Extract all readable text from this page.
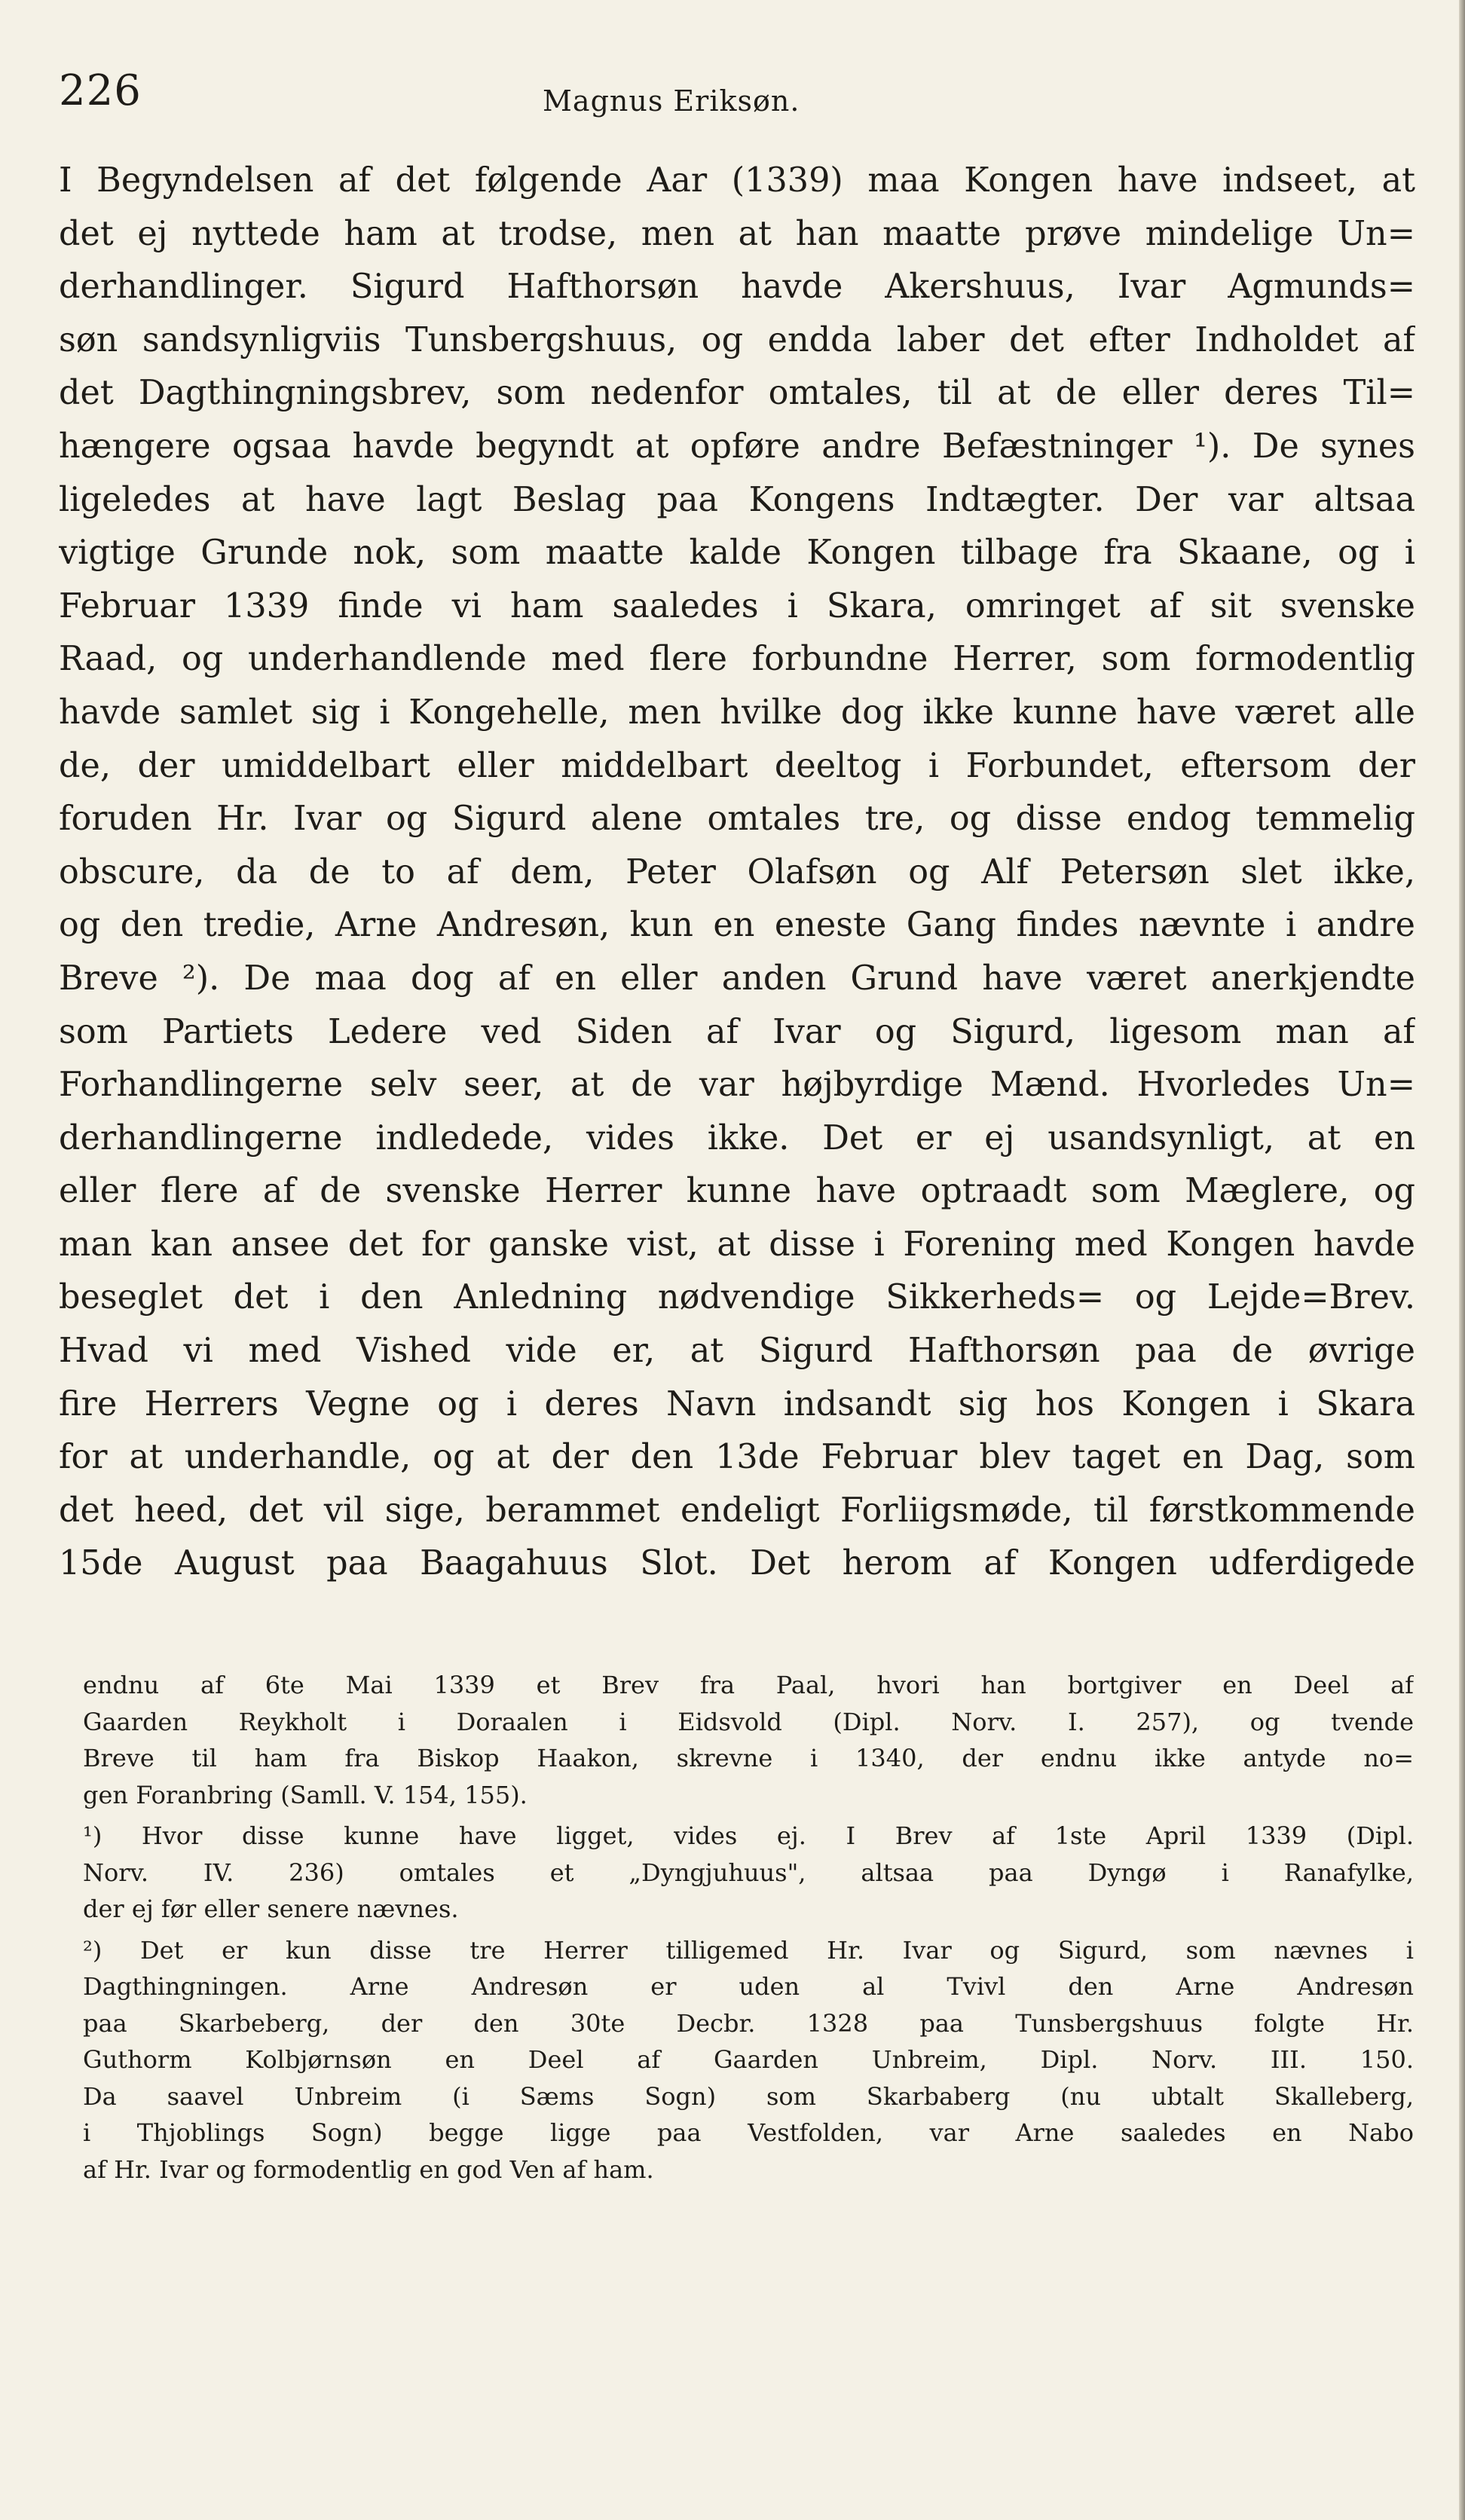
226	Magnus Eriksøn.
I Begyndelsen af det følgende Aar (1339) maa Kongen have indseet, at
det ej nyttede ham at trodse, men at han maatte prøve mindelige Un=
derhandlinger. Sigurd Hafthorsøn havde Akershuus, Ivar Agmunds=
søn sandsynligviis Tunsbergshuus, og endda laber det efter Indholdet af
det Dagthingningsbrev, som nedenfor omtales, til at de eller deres Til=
hængere ogsaa havde begyndt at opføre andre Befæstninger ¹). De synes
ligeledes at have lagt Beslag paa Kongens Indtægter. Der var altsaa
vigtige Grunde nok, som maatte kalde Kongen tilbage fra Skaane, og i
Februar 1339 finde vi ham saaledes i Skara, omringet af sit svenske
Raad, og underhandlende med flere forbundne Herrer, som formodentlig
havde samlet sig i Kongehelle, men hvilke dog ikke kunne have været alle
de, der umiddelbart eller middelbart deeltog i Forbundet, eftersom der
foruden Hr. Ivar og Sigurd alene omtales tre, og disse endog temmelig
obscure, da de to af dem, Peter Olafsøn og Alf Petersøn slet ikke,
og den tredie, Arne Andresøn, kun en eneste Gang findes nævnte i andre
Breve ²). De maa dog af en eller anden Grund have været anerkjendte
som Partiets Ledere ved Siden af Ivar og Sigurd, ligesom man af
Forhandlingerne selv seer, at de var højbyrdige Mænd. Hvorledes Un=
derhandlingerne indledede, vides ikke. Det er ej usandsynligt, at en
eller flere af de svenske Herrer kunne have optraadt som Mæglere, og
man kan ansee det for ganske vist, at disse i Forening med Kongen havde
beseglet det i den Anledning nødvendige Sikkerheds= og Lejde=Brev.
Hvad vi med Vished vide er, at Sigurd Hafthorsøn paa de øvrige
fire Herrers Vegne og i deres Navn indsandt sig hos Kongen i Skara
for at underhandle, og at der den 13de Februar blev taget en Dag, som
det heed, det vil sige, berammet endeligt Forliigsmøde, til førstkommende
15de August paa Baagahuus Slot. Det herom af Kongen udferdigede
endnu af 6te Mai 1339 et Brev fra Paal, hvori han bortgiver en Deel af
Gaarden Reykholt i Doraalen i Eidsvold (Dipl. Norv. I. 257), og tvende
Breve til ham fra Biskop Haakon, skrevne i 1340, der endnu ikke antyde no=
gen Foranbring (Samll. V. 154, 155).
¹) Hvor disse kunne have ligget, vides ej. I Brev af 1ste April 1339 (Dipl.
Norv. IV. 236) omtales et „Dyngjuhuus", altsaa paa Dyngø i Ranafylke,
der ej før eller senere nævnes.
²) Det er kun disse tre Herrer tilligemed Hr. Ivar og Sigurd, som nævnes i
Dagthingningen. Arne Andresøn er uden al Tvivl den Arne Andresøn
paa Skarbeberg, der den 30te Decbr. 1328 paa Tunsbergshuus folgte Hr.
Guthorm Kolbjørnsøn en Deel af Gaarden Unbreim, Dipl. Norv. III. 150.
Da saavel Unbreim (i Sæms Sogn) som Skarbaberg (nu ubtalt Skalleberg,
i Thjoblings Sogn) begge ligge paa Vestfolden, var Arne saaledes en Nabo
af Hr. Ivar og formodentlig en god Ven af ham.
